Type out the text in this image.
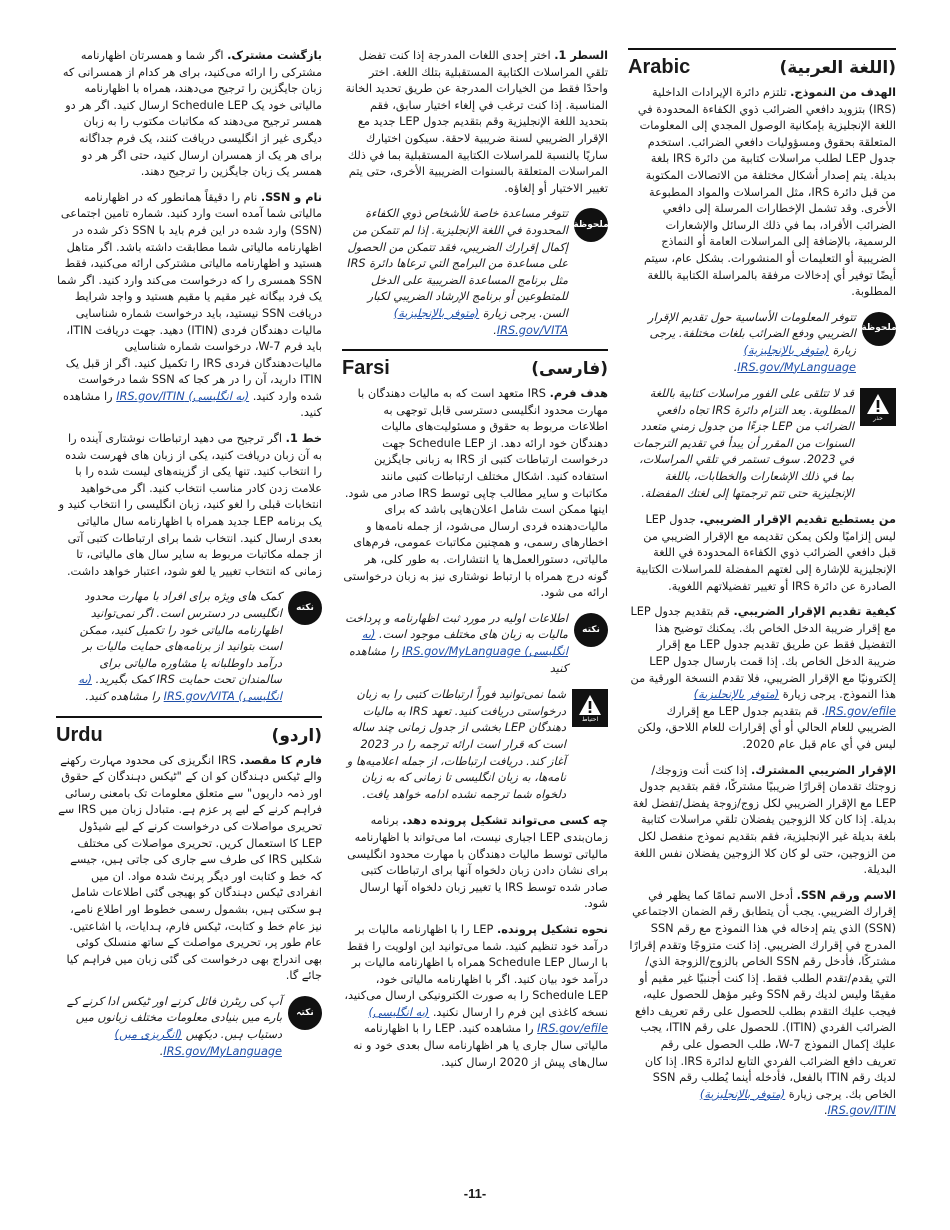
(اللغة العربية)
Arabic

الهدف من النموذج. تلتزم دائرة الإيرادات الداخلية (IRS) بتزويد دافعي الضرائب ذوي الكفاءة المحدودة في اللغة الإنجليزية بإمكانية الوصول المجدي إلى المعلومات المتعلقة بحقوق ومسؤوليات دافعي الضرائب. استخدم جدول LEP لطلب مراسلات كتابية من دائرة IRS بلغة بديلة. يتم إصدار أشكال مختلفة من الاتصالات المكتوبة من قبل دائرة IRS، مثل المراسلات والمواد المطبوعة الأخرى. وقد تشمل الإخطارات المرسلة إلى دافعي الضرائب الأفراد، بما في ذلك الرسائل والإشعارات الرسمية، بالإضافة إلى المراسلات العامة أو النماذج الضريبية أو التعليمات أو المنشورات. بشكل عام، سيتم أيضًا توفير أي إدخالات مرفقة بالمراسلة الكتابية باللغة المطلوبة.

ملحوظة
تتوفر المعلومات الأساسية حول تقديم الإقرار الضريبي ودفع الضرائب بلغات مختلفة. يرجى زيارة (متوفر بالإنجليزية) IRS.gov/MyLanguage.
حذر
قد لا تتلقى على الفور مراسلات كتابية باللغة المطلوبة. يعد التزام دائرة IRS تجاه دافعي الضرائب من LEP جزءًا من جدول زمني متعدد السنوات من المقرر أن يبدأ في تقديم الترجمات في 2023. سوف تستمر في تلقي المراسلات، بما في ذلك الإشعارات والخطابات، باللغة الإنجليزية حتى تتم ترجمتها إلى لغتك المفضلة.

من يستطيع تقديم الإقرار الضريبي. جدول LEP ليس إلزاميًا ولكن يمكن تقديمه مع الإقرار الضريبي من قبل دافعي الضرائب ذوي الكفاءة المحدودة في اللغة الإنجليزية للإشارة إلى لغتهم المفضلة للمراسلات الكتابية الصادرة عن دائرة IRS أو تغيير تفضيلاتهم اللغوية.

كيفية تقديم الإقرار الضريبي. قم بتقديم جدول LEP مع إقرار ضريبة الدخل الخاص بك. يمكنك توضيح هذا التفضيل فقط عن طريق تقديم جدول LEP مع إقرار ضريبة الدخل الخاص بك. إذا قمت بارسال جدول LEP إلكترونيًا مع الإقرار الضريبي، فلا تقدم النسخة الورقية من هذا النموذج. يرجى زيارة (متوفر بالإنجليزية) IRS.gov/efile. قم بتقديم جدول LEP مع إقرارك الضريبي للعام الحالي أو أي إقرارات للعام اللاحق، ولكن ليس في أي عام قبل عام 2020.

الإقرار الضريبي المشترك. إذا كنت أنت وزوجك/زوجتك تقدمان إقرارًا ضريبيًا مشتركًا، فقم بتقديم جدول LEP مع الإقرار الضريبي لكل زوج/زوجة يفضل/تفضل لغة بديلة. إذا كان كلا الزوجين يفضلان تلقي مراسلات كتابية بلغة بديلة غير الإنجليزية، فقم بتقديم نموذج منفصل لكل من الزوجين، حتى لو كان كلا الزوجين يفضلان نفس اللغة البديلة.

الاسم ورقم SSN. أدخل الاسم تمامًا كما يظهر في إقرارك الضريبي. يجب أن يتطابق رقم الضمان الاجتماعي (SSN) الذي يتم إدخاله في هذا النموذج مع رقم SSN المدرج في إقرارك الضريبي. إذا كنت متزوجًا وتقدم إقرارًا مشتركًا، فأدخل رقم SSN الخاص بالزوج/الزوجة الذي/التي يقدم/تقدم الطلب فقط. إذا كنت أجنبيًا غير مقيم أو مقيمًا وليس لديك رقم SSN وغير مؤهل للحصول عليه، فيجب عليك التقدم بطلب للحصول على رقم تعريف دافع الضرائب الفردي (ITIN). للحصول على رقم ITIN، يجب عليك إكمال النموذج W-7، طلب الحصول على رقم تعريف دافع الضرائب الفردي التابع لدائرة IRS. إذا كان لديك رقم ITIN بالفعل، فأدخله أينما يُطلب رقم SSN الخاص بك. يرجى زيارة (متوفر بالإنجليزية) IRS.gov/ITIN.

السطر 1. اختر إحدى اللغات المدرجة إذا كنت تفضل تلقي المراسلات الكتابية المستقبلية بتلك اللغة. اختر واحدًا فقط من الخيارات المدرجة عن طريق تحديد الخانة المناسبة. إذا كنت ترغب في إلغاء اختيار سابق، فقم بتحديد اللغة الإنجليزية وقم بتقديم جدول LEP جديد مع الإقرار الضريبي لسنة ضريبية لاحقة. سيكون اختيارك ساريًا بالنسبة للمراسلات الكتابية المستقبلية بما في ذلك المراسلات المتعلقة بالسنوات الضريبية الأخرى، حتى يتم تغيير الاختيار أو إلغاؤه.

ملحوظة
تتوفر مساعدة خاصة للأشخاص ذوي الكفاءة المحدودة في اللغة الإنجليزية. إذا لم تتمكن من إكمال إقرارك الضريبي، فقد تتمكن من الحصول على مساعدة من البرامج التي ترعاها دائرة IRS مثل برنامج المساعدة الضريبية على الدخل للمتطوعين أو برنامج الإرشاد الضريبي لكبار السن. يرجى زيارة (متوفر بالإنجليزية) IRS.gov/VITA.
(فارسی)
Farsi

هدف فرم. IRS متعهد است که به مالیات دهندگان با مهارت محدود انگلیسی دسترسی قابل توجهی به اطلاعات مربوط به حقوق و مسئولیت‌های مالیات دهندگان خود ارائه دهد. از Schedule LEP جهت درخواست ارتباطات کتبی از IRS به زبانی جایگزین استفاده کنید. اشکال مختلف ارتباطات کتبی مانند مکاتبات و سایر مطالب چاپی توسط IRS صادر می شود. اینها ممکن است شامل اعلان‌هایی باشد که برای مالیات‌دهنده فردی ارسال می‌شود، از جمله نامه‌ها و اخطارهای رسمی، و همچنین مکاتبات عمومی، فرم‌های مالیاتی، دستورالعمل‌ها یا انتشارات. به طور کلی، هر گونه درج همراه با ارتباط نوشتاری نیز به زبان درخواستی ارائه می شود.

نکته
اطلاعات اولیه در مورد ثبت اظهارنامه و پرداخت مالیات به زبان های مختلف موجود است. (به انگلیسی) IRS.gov/MyLanguage را مشاهده کنید
احتیاط
شما نمی‌توانید فوراً ارتباطات کتبی را به زبان درخواستی دریافت کنید. تعهد IRS به مالیات دهندگان LEP بخشی از جدول زمانی چند ساله است که قرار است ارائه ترجمه را در 2023 آغاز کند. دریافت ارتباطات، از جمله اعلامیه‌ها و نامه‌ها، به زبان انگلیسی تا زمانی که به زبان دلخواه شما ترجمه نشده ادامه خواهد یافت.

چه کسی می‌تواند تشکیل پرونده دهد. برنامه زمان‌بندی LEP اجباری نیست، اما می‌تواند با اظهارنامه مالیاتی توسط مالیات دهندگان با مهارت محدود انگلیسی برای نشان دادن زبان دلخواه آنها برای ارتباطات کتبی صادر شده توسط IRS یا تغییر زبان دلخواه آنها ارسال شود.

نحوه تشکیل پرونده. LEP را با اظهارنامه مالیات بر درآمد خود تنظیم کنید. شما می‌توانید این اولویت را فقط با ارسال Schedule LEP همراه با اظهارنامه مالیات بر درآمد خود بیان کنید. اگر با اظهارنامه مالیاتی خود، Schedule LEP را به صورت الکترونیکی ارسال می‌کنید، نسخه کاغذی این فرم را ارسال نکنید. (به انگلیسی) IRS.gov/efile را مشاهده کنید. LEP را با اظهارنامه مالیاتی سال جاری یا هر اظهارنامه سال بعدی خود و نه سال‌های پیش از 2020 ارسال کنید.

بازگشت مشترک. اگر شما و همسرتان اظهارنامه مشترکی را ارائه می‌کنید، برای هر کدام از همسرانی که زبان جایگزین را ترجیح می‌دهند، همراه با اظهارنامه مالیاتی خود یک Schedule LEP ارسال کنید. اگر هر دو همسر ترجیح می‌دهند که مکاتبات مکتوب را به زبان دیگری غیر از انگلیسی دریافت کنند، یک فرم جداگانه برای هر یک از همسران ارسال کنید، حتی اگر هر دو همسر یک زبان جایگزین را ترجیح دهند.

نام و SSN. نام را دقیقاً همانطور که در اظهارنامه مالیاتی شما آمده است وارد کنید. شماره تامین اجتماعی (SSN) وارد شده در این فرم باید با SSN ذکر شده در اظهارنامه مالیاتی شما مطابقت داشته باشد. اگر متاهل هستید و اظهارنامه مالیاتی مشترکی ارائه می‌کنید، فقط SSN همسری را که درخواست می‌کند وارد کنید. اگر شما یک فرد بیگانه غیر مقیم یا مقیم هستید و واجد شرایط دریافت SSN نیستید، باید درخواست شماره شناسایی مالیات دهندگان فردی (ITIN) دهید. جهت دریافت ITIN، باید فرم W-7، درخواست شماره شناسایی مالیات‌دهندگان فردی IRS را تکمیل کنید. اگر از قبل یک ITIN دارید، آن را در هر کجا که SSN شما درخواست شده وارد کنید. (به انگلیسی) IRS.gov/ITIN را مشاهده کنید.

خط 1. اگر ترجیح می دهید ارتباطات نوشتاری آینده را به آن زبان دریافت کنید، یکی از زبان های فهرست شده را انتخاب کنید. تنها یکی از گزینه‌های لیست شده را با علامت زدن کادر مناسب انتخاب کنید. اگر می‌خواهید انتخابات قبلی را لغو کنید، زبان انگلیسی را انتخاب کنید و یک برنامه LEP جدید همراه با اظهارنامه سال مالیاتی بعدی ارسال کنید. انتخاب شما برای ارتباطات کتبی آتی از جمله مکاتبات مربوط به سایر سال های مالیاتی، تا زمانی که انتخاب تغییر یا لغو شود، اعتبار خواهد داشت.

نکته
کمک های ویژه برای افراد با مهارت محدود انگلیسی در دسترس است. اگر نمی‌توانید اظهارنامه مالیاتی خود را تکمیل کنید، ممکن است بتوانید از برنامه‌های حمایت مالیات بر درآمد داوطلبانه یا مشاوره مالیاتی برای سالمندان تحت حمایت IRS کمک بگیرید. (به انگلیسی) IRS.gov/VITA را مشاهده کنید.
(اردو)
Urdu

فارم کا مقصد. IRS انگریزی کی محدود مہارت رکھنے والے ٹیکس دہندگان کو ان کے "ٹیکس دہندگان کے حقوق اور ذمہ داریوں" سے متعلق معلومات تک بامعنی رسائی فراہم کرنے کے لیے پر عزم ہے. متبادل زبان میں IRS سے تحریری مواصلات کی درخواست کرنے کے لیے شیڈول LEP کا استعمال کریں. تحریری مواصلات کی مختلف شکلیں IRS کی طرف سے جاری کی جاتی ہیں، جیسے کہ خط و کتابت اور دیگر پرنٹ شدہ مواد. ان میں انفرادی ٹیکس دہندگان کو بھیجی گئی اطلاعات شامل ہو سکتی ہیں، بشمول رسمی خطوط اور اطلاع نامے، نیز عام خط و کتابت، ٹیکس فارم، ہدایات، یا اشاعتیں. عام طور پر، تحریری مواصلت کے ساتھ منسلک کوئی بھی اندراج بھی درخواست کی گئی زبان میں فراہم کیا جائے گا.

نکتہ
آپ کی ریٹرن فائل کرنے اور ٹیکس ادا کرنے کے بارے میں بنیادی معلومات مختلف زبانوں میں دستیاب ہیں. دیکھیں (انگریزی میں) IRS.gov/MyLanguage.
-11-
